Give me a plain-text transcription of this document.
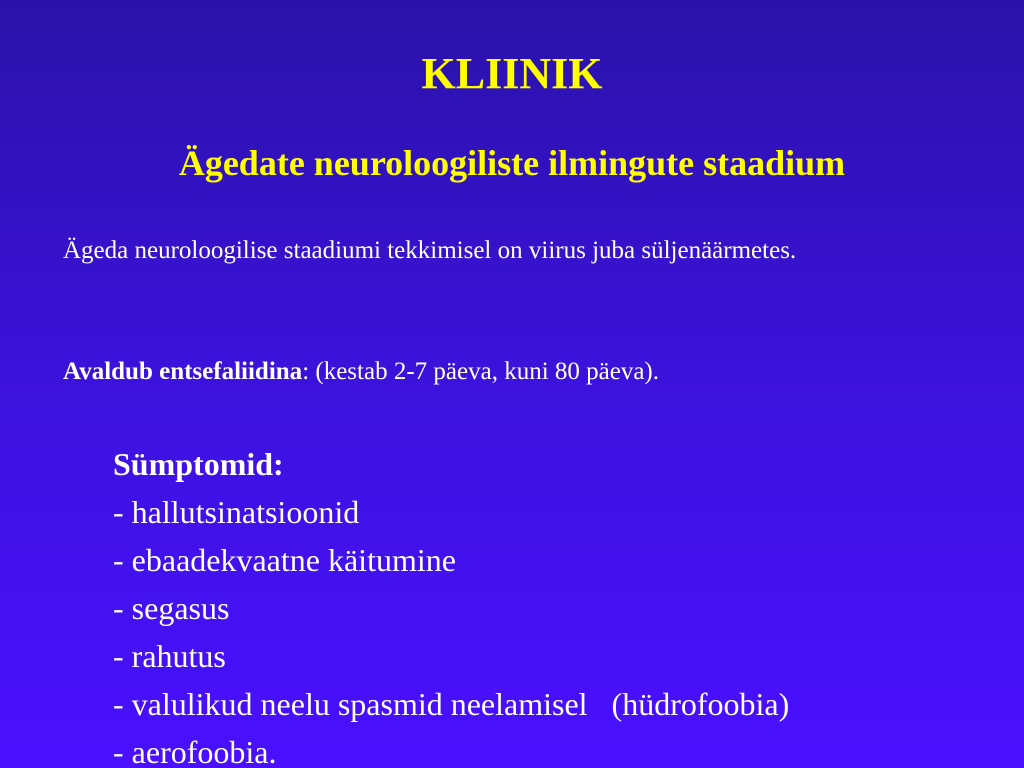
KLIINIK
Ägedate neuroloogiliste ilmingute staadium
Ägeda neuroloogilise staadiumi tekkimisel on viirus juba süljenäärmetes.
Avaldub entsefaliidina: (kestab 2-7 päeva, kuni 80 päeva).
Sümptomid:
- hallutsinatsioonid
- ebaadekvaatne käitumine
- segasus
- rahutus
- valulikud neelu spasmid neelamisel   (hüdrofoobia)
- aerofoobia.
